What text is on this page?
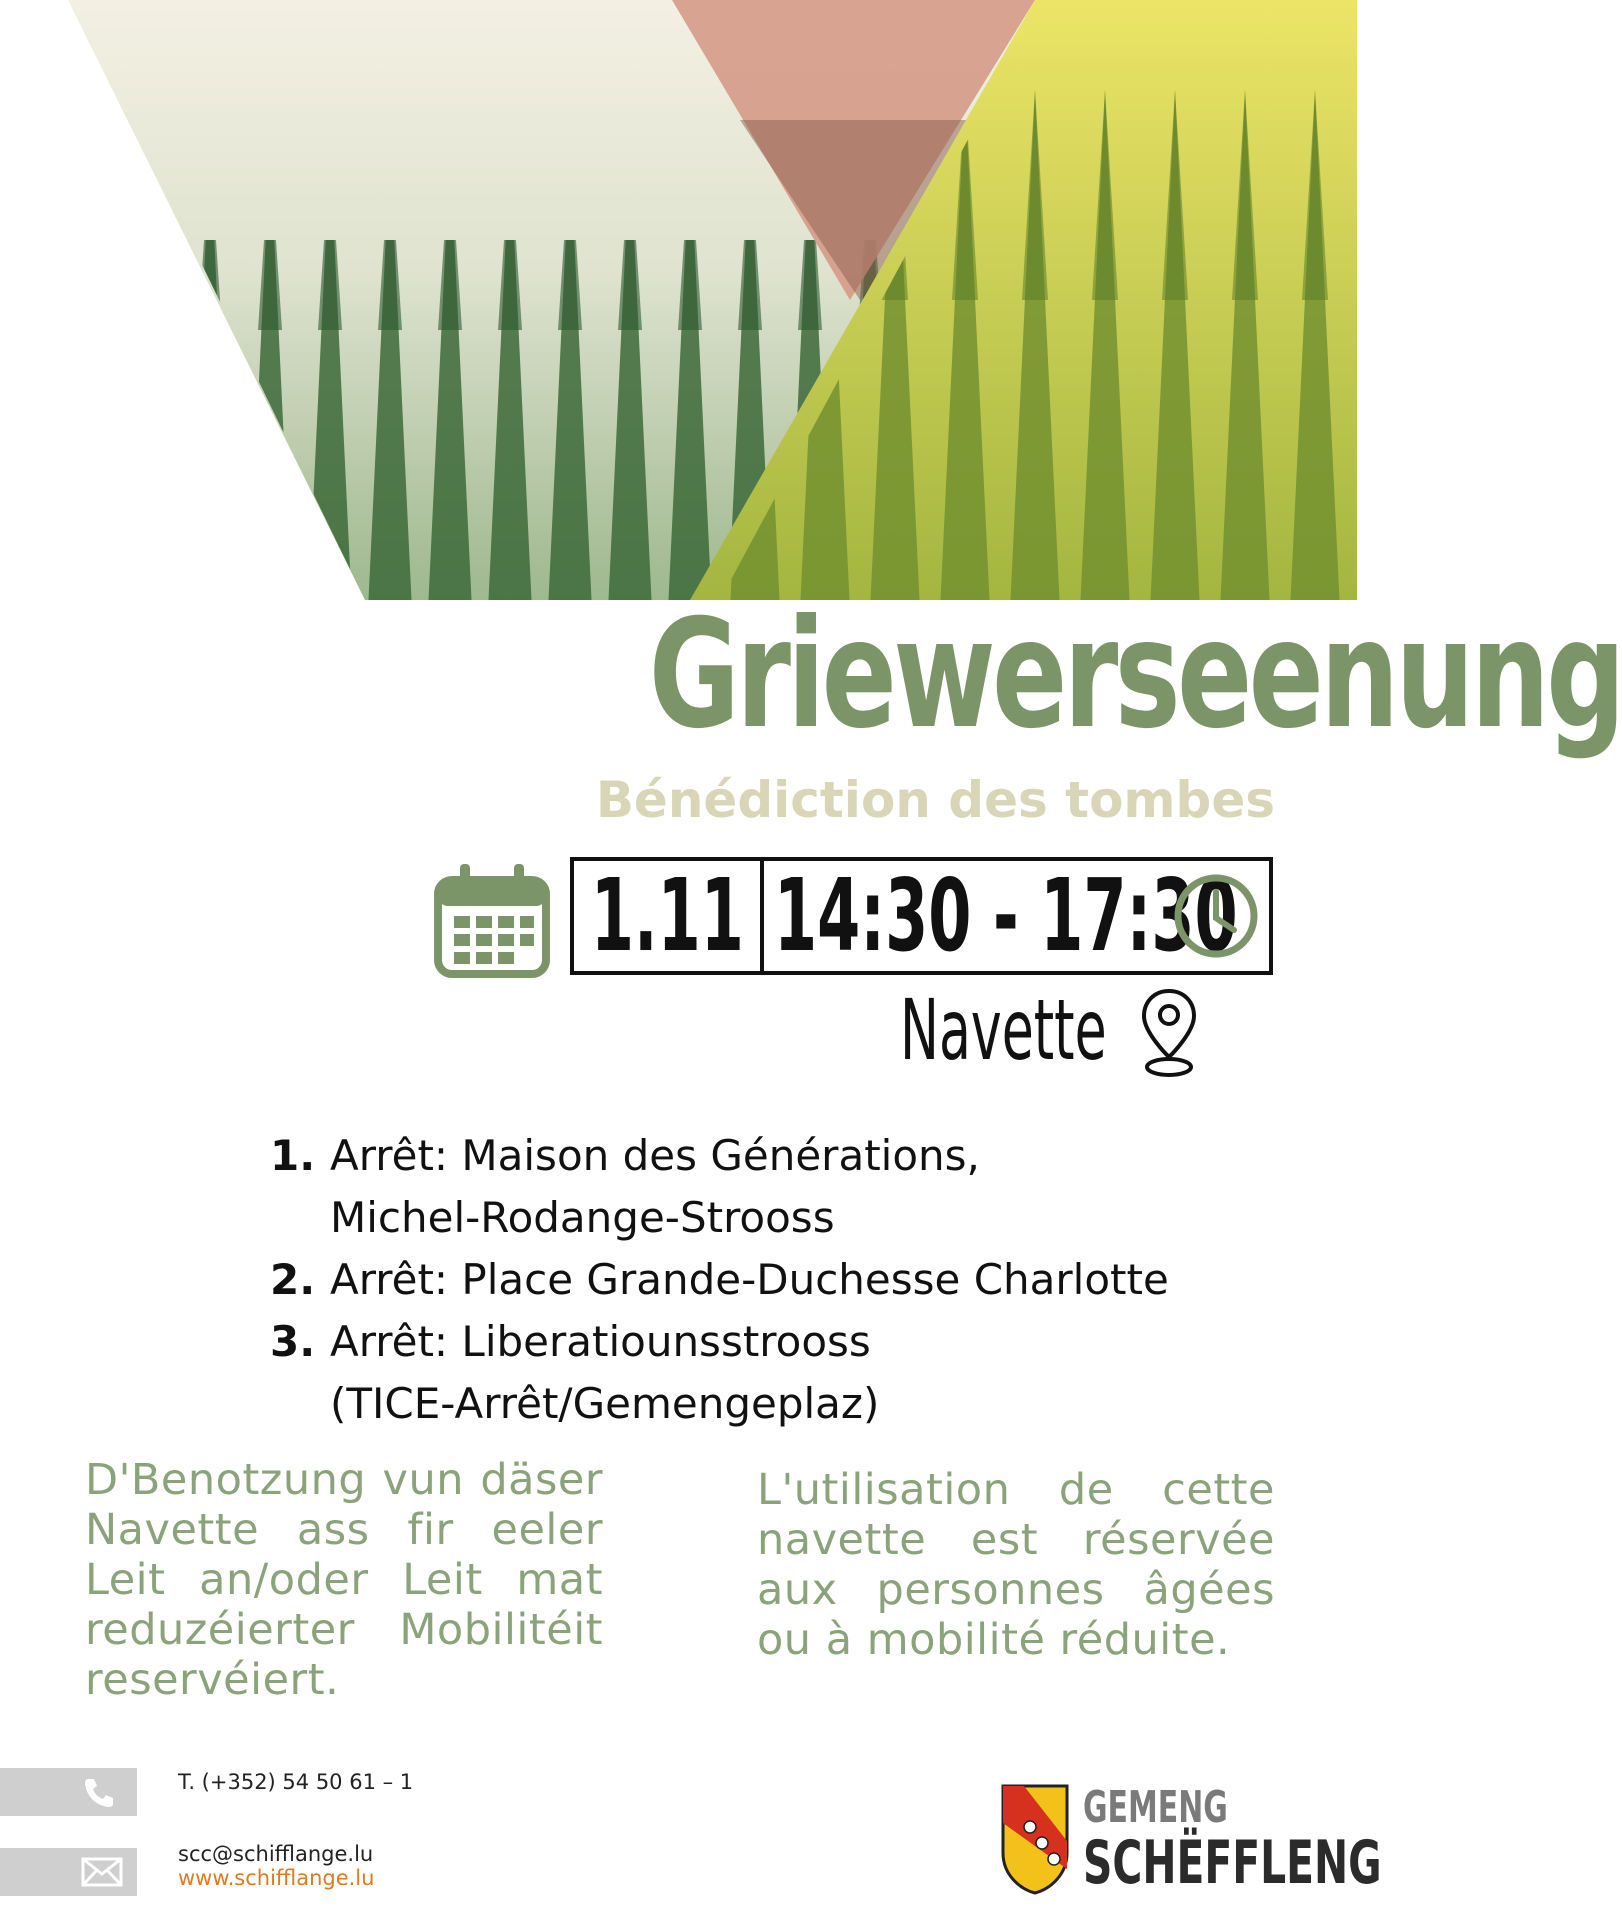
Griewerseenung
Bénédiction des tombes
1.11 14:30 - 17:30
Navette
1. Arrêt: Maison des Générations,
Michel-Rodange-Strooss
2. Arrêt: Place Grande-Duchesse Charlotte
3. Arrêt: Liberatiounsstrooss
(TICE-Arrêt/Gemengeplaz)
D'Benotzung vun däser Navette ass fir eeler Leit an/oder Leit mat reduzéierter Mobilitéit reservéiert.
L'utilisation de cette navette est réservée aux personnes âgées ou à mobilité réduite.
T. (+352) 54 50 61 – 1
scc@schifflange.lu
www.schifflange.lu
GEMENG
SCHËFFLENG
